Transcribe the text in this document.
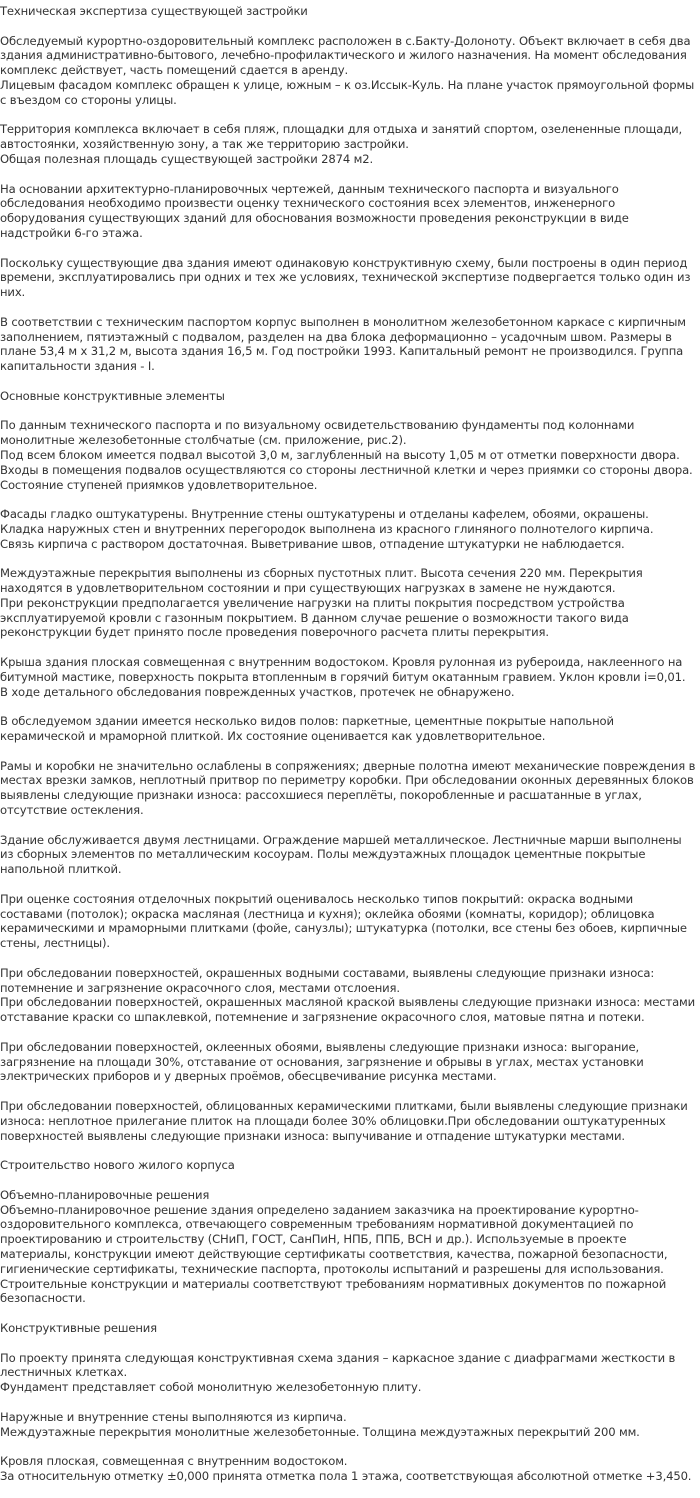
Техническая экспертиза существующей застройки
Обследуемый курортно-оздоровительный комплекс расположен в с.Бакту-Долоноту. Объект включает в себя два здания административно-бытового, лечебно-профилактического и жилого назначения. На момент обследования комплекс действует, часть помещений сдается в аренду.
Лицевым фасадом комплекс обращен к улице, южным – к оз.Иссык-Куль. На плане участок прямоугольной формы с въездом со стороны улицы.
Территория комплекса включает в себя пляж, площадки для отдыха и занятий спортом, озелененные площади, автостоянки, хозяйственную зону, а так же территорию застройки.
Общая полезная площадь существующей застройки 2874 м2.
На основании архитектурно-планировочных чертежей, данным технического паспорта и визуального обследования необходимо произвести оценку технического состояния всех элементов, инженерного оборудования существующих зданий для обоснования возможности проведения реконструкции в виде надстройки 6-го этажа.
Поскольку существующие два здания имеют одинаковую конструктивную схему, были построены в один период времени, эксплуатировались при одних и тех же условиях, технической экспертизе подвергается только один из них.
В соответствии с техническим паспортом корпус выполнен в монолитном железобетонном каркасе с кирпичным заполнением, пятиэтажный с подвалом, разделен на два блока деформационно – усадочным швом. Размеры в плане 53,4 м х 31,2 м, высота здания 16,5 м. Год постройки 1993. Капитальный ремонт не производился. Группа капитальности здания - I.
Основные конструктивные элементы
По данным технического паспорта и по визуальному освидетельствованию фундаменты под колоннами монолитные железобетонные столбчатые (см. приложение, рис.2).
Под всем блоком имеется подвал высотой 3,0 м, заглубленный на высоту 1,05 м от отметки поверхности двора.
Входы в помещения подвалов осуществляются со стороны лестничной клетки и через приямки со стороны двора. Состояние ступеней приямков удовлетворительное.
Фасады гладко оштукатурены. Внутренние стены оштукатурены и отделаны кафелем, обоями, окрашены.
Кладка наружных стен и внутренних перегородок выполнена из красного глиняного полнотелого кирпича.
Связь кирпича с раствором достаточная. Выветривание швов, отпадение штукатурки не наблюдается.
Междуэтажные перекрытия выполнены из сборных пустотных плит. Высота сечения 220 мм. Перекрытия находятся в удовлетворительном состоянии и при существующих нагрузках в замене не нуждаются.
При реконструкции предполагается увеличение нагрузки на плиты покрытия посредством устройства эксплуатируемой кровли с газонным покрытием. В данном случае решение о возможности такого вида реконструкции будет принято после проведения поверочного расчета плиты перекрытия.
Крыша здания плоская совмещенная с внутренним водостоком. Кровля рулонная из рубероида, наклеенного на битумной мастике, поверхность покрыта втопленным в горячий битум окатанным гравием. Уклон кровли i=0,01.
В ходе детального обследования поврежденных участков, протечек не обнаружено.
В обследуемом здании имеется несколько видов полов: паркетные, цементные покрытые напольной керамической и мраморной плиткой. Их состояние оценивается как удовлетворительное.
Рамы и коробки не значительно ослаблены в сопряжениях; дверные полотна имеют механические повреждения в местах врезки замков, неплотный притвор по периметру коробки. При обследовании оконных деревянных блоков выявлены следующие признаки износа: рассохшиеся переплёты, покоробленные и расшатанные в углах, отсутствие остекления.
Здание обслуживается двумя лестницами. Ограждение маршей металлическое. Лестничные марши выполнены из сборных элементов по металлическим косоурам. Полы междуэтажных площадок цементные покрытые напольной плиткой.
При оценке состояния отделочных покрытий оценивалось несколько типов покрытий: окраска водными составами (потолок); окраска масляная (лестница и кухня); оклейка обоями (комнаты, коридор); облицовка керамическими и мраморными плитками (фойе, санузлы); штукатурка (потолки, все стены без обоев, кирпичные стены, лестницы).
При обследовании поверхностей, окрашенных водными составами, выявлены следующие признаки износа: потемнение и загрязнение окрасочного слоя, местами отслоения.
При обследовании поверхностей, окрашенных масляной краской выявлены следующие признаки износа: местами отставание краски со шпаклевкой, потемнение и загрязнение окрасочного слоя, матовые пятна и потеки.
При обследовании поверхностей, оклеенных обоями, выявлены следующие признаки износа: выгорание, загрязнение на площади 30%, отставание от основания, загрязнение и обрывы в углах, местах установки электрических приборов и у дверных проёмов, обесцвечивание рисунка местами.
При обследовании поверхностей, облицованных керамическими плитками, были выявлены следующие признаки износа: неплотное прилегание плиток на площади более 30% облицовки.При обследовании оштукатуренных поверхностей выявлены следующие признаки износа: выпучивание и отпадение штукатурки местами.
Строительство нового жилого корпуса
Объемно-планировочные решения
Объемно-планировочное решение здания определено заданием заказчика на проектирование курортно-оздоровительного комплекса, отвечающего современным требованиям нормативной документацией по проектированию и строительству (СНиП, ГОСТ, СанПиН, НПБ, ППБ, ВСН и др.). Используемые в проекте материалы, конструкции имеют действующие сертификаты соответствия, качества, пожарной безопасности, гигиенические сертификаты, технические паспорта, протоколы испытаний и разрешены для использования.
Строительные конструкции и материалы соответствуют требованиям нормативных документов по пожарной безопасности.
Конструктивные решения
По проекту принята следующая конструктивная схема здания – каркасное здание с диафрагмами жесткости в лестничных клетках.
Фундамент представляет собой монолитную железобетонную плиту.
Наружные и внутренние стены выполняются из кирпича.
Междуэтажные перекрытия монолитные железобетонные. Толщина междуэтажных перекрытий 200 мм.
Кровля плоская, совмещенная с внутренним водостоком.
За относительную отметку ±0,000 принята отметка пола 1 этажа, соответствующая абсолютной отметке +3,450.
